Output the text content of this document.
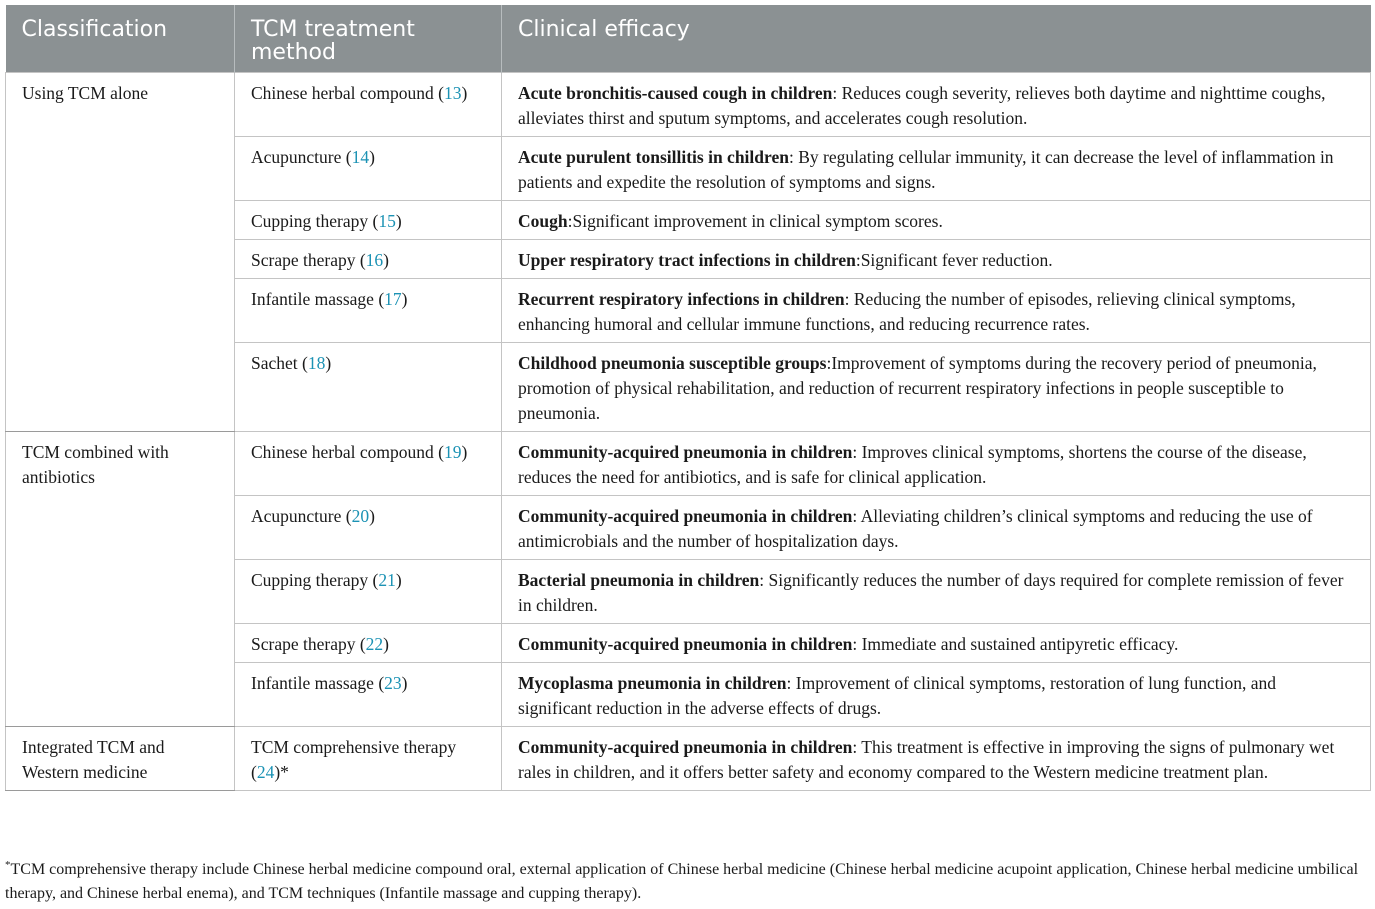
Classification	TCM treatment method	Clinical efficacy
Using TCM alone	Chinese herbal compound (13)	Acute bronchitis-caused cough in children: Reduces cough severity, relieves both daytime and nighttime coughs, alleviates thirst and sputum symptoms, and accelerates cough resolution.
	Acupuncture (14)	Acute purulent tonsillitis in children: By regulating cellular immunity, it can decrease the level of inflammation in patients and expedite the resolution of symptoms and signs.
	Cupping therapy (15)	Cough:Significant improvement in clinical symptom scores.
	Scrape therapy (16)	Upper respiratory tract infections in children:Significant fever reduction.
	Infantile massage (17)	Recurrent respiratory infections in children: Reducing the number of episodes, relieving clinical symptoms, enhancing humoral and cellular immune functions, and reducing recurrence rates.
	Sachet (18)	Childhood pneumonia susceptible groups:Improvement of symptoms during the recovery period of pneumonia, promotion of physical rehabilitation, and reduction of recurrent respiratory infections in people susceptible to pneumonia.
TCM combined with antibiotics	Chinese herbal compound (19)	Community-acquired pneumonia in children: Improves clinical symptoms, shortens the course of the disease, reduces the need for antibiotics, and is safe for clinical application.
	Acupuncture (20)	Community-acquired pneumonia in children: Alleviating children’s clinical symptoms and reducing the use of antimicrobials and the number of hospitalization days.
	Cupping therapy (21)	Bacterial pneumonia in children: Significantly reduces the number of days required for complete remission of fever in children.
	Scrape therapy (22)	Community-acquired pneumonia in children: Immediate and sustained antipyretic efficacy.
	Infantile massage (23)	Mycoplasma pneumonia in children: Improvement of clinical symptoms, restoration of lung function, and significant reduction in the adverse effects of drugs.
Integrated TCM and Western medicine	TCM comprehensive therapy (24)*	Community-acquired pneumonia in children: This treatment is effective in improving the signs of pulmonary wet rales in children, and it offers better safety and economy compared to the Western medicine treatment plan.
*TCM comprehensive therapy include Chinese herbal medicine compound oral, external application of Chinese herbal medicine (Chinese herbal medicine acupoint application, Chinese herbal medicine umbilical therapy, and Chinese herbal enema), and TCM techniques (Infantile massage and cupping therapy).
